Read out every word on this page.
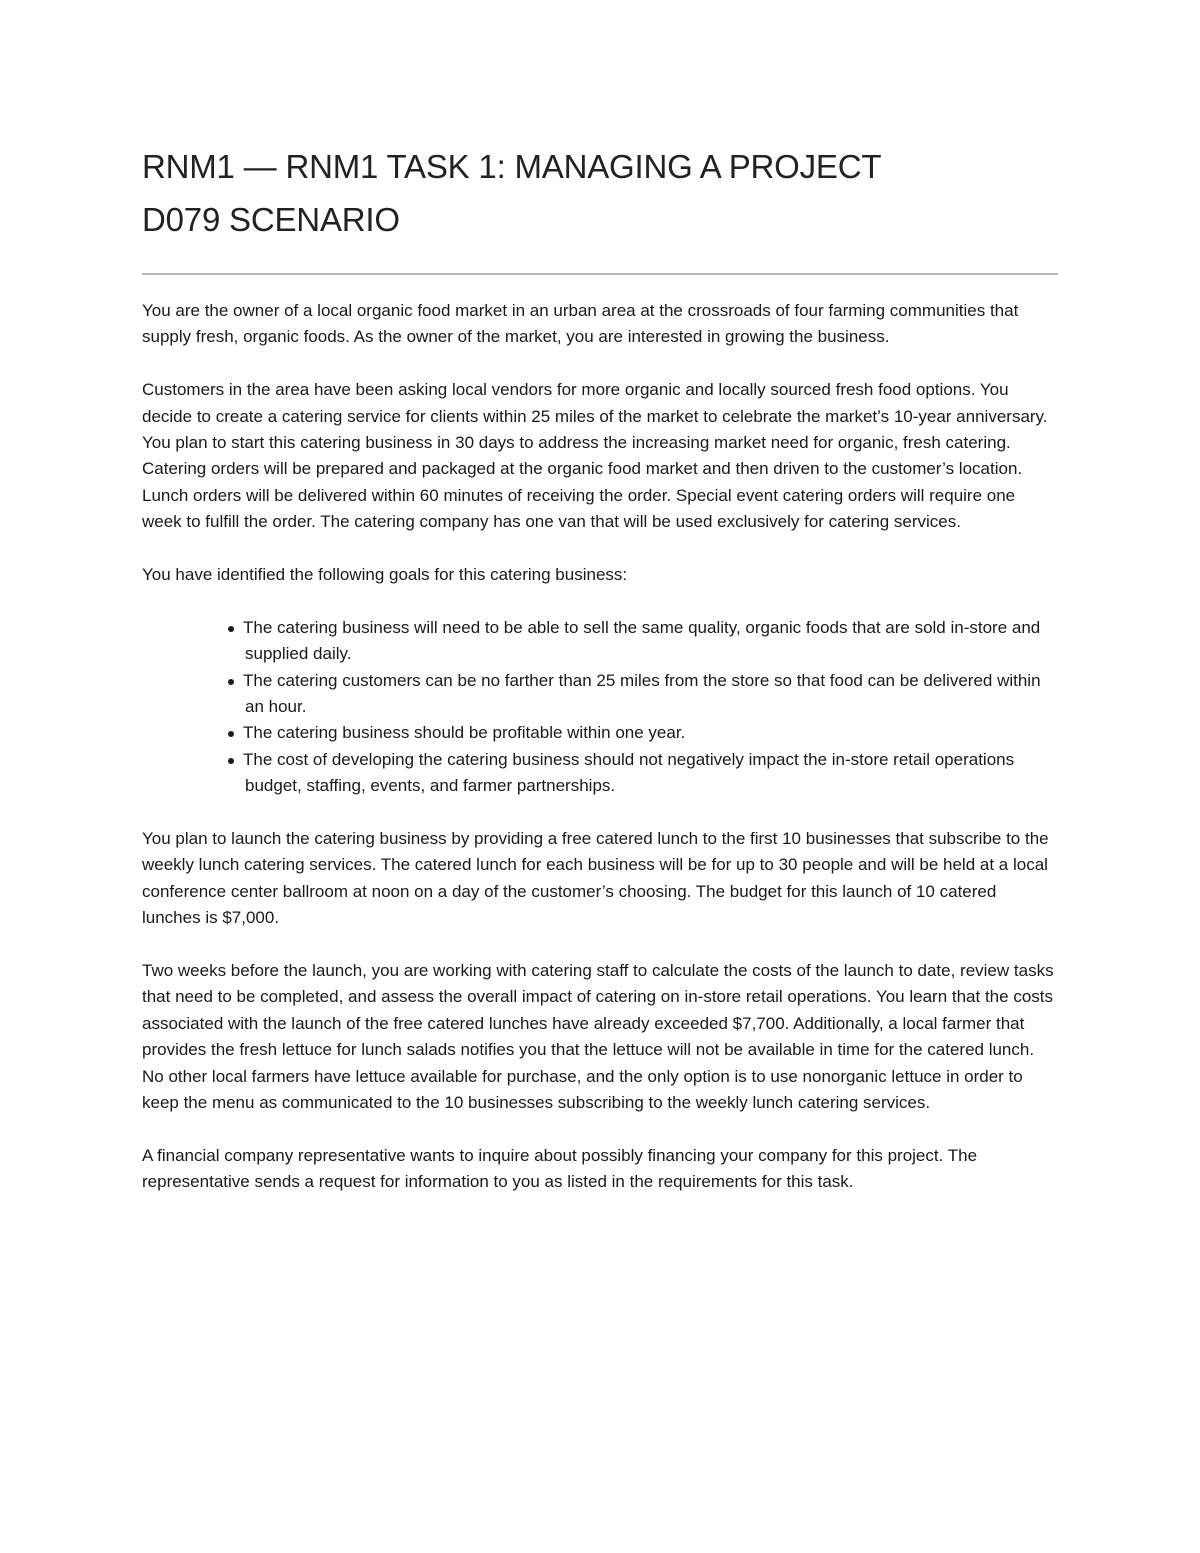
RNM1 — RNM1 TASK 1: MANAGING A PROJECT
D079 SCENARIO

You are the owner of a local organic food market in an urban area at the crossroads of four farming communities that supply fresh, organic foods. As the owner of the market, you are interested in growing the business.

Customers in the area have been asking local vendors for more organic and locally sourced fresh food options. You decide to create a catering service for clients within 25 miles of the market to celebrate the market’s 10-year anniversary. You plan to start this catering business in 30 days to address the increasing market need for organic, fresh catering. Catering orders will be prepared and packaged at the organic food market and then driven to the customer’s location. Lunch orders will be delivered within 60 minutes of receiving the order. Special event catering orders will require one week to fulfill the order. The catering company has one van that will be used exclusively for catering services.

You have identified the following goals for this catering business:

The catering business will need to be able to sell the same quality, organic foods that are sold in-store and supplied daily.
The catering customers can be no farther than 25 miles from the store so that food can be delivered within an hour.
The catering business should be profitable within one year.
The cost of developing the catering business should not negatively impact the in-store retail operations budget, staffing, events, and farmer partnerships.

You plan to launch the catering business by providing a free catered lunch to the first 10 businesses that subscribe to the weekly lunch catering services. The catered lunch for each business will be for up to 30 people and will be held at a local conference center ballroom at noon on a day of the customer’s choosing. The budget for this launch of 10 catered lunches is $7,000.

Two weeks before the launch, you are working with catering staff to calculate the costs of the launch to date, review tasks that need to be completed, and assess the overall impact of catering on in-store retail operations. You learn that the costs associated with the launch of the free catered lunches have already exceeded $7,700. Additionally, a local farmer that provides the fresh lettuce for lunch salads notifies you that the lettuce will not be available in time for the catered lunch. No other local farmers have lettuce available for purchase, and the only option is to use nonorganic lettuce in order to keep the menu as communicated to the 10 businesses subscribing to the weekly lunch catering services.

A financial company representative wants to inquire about possibly financing your company for this project. The representative sends a request for information to you as listed in the requirements for this task.
